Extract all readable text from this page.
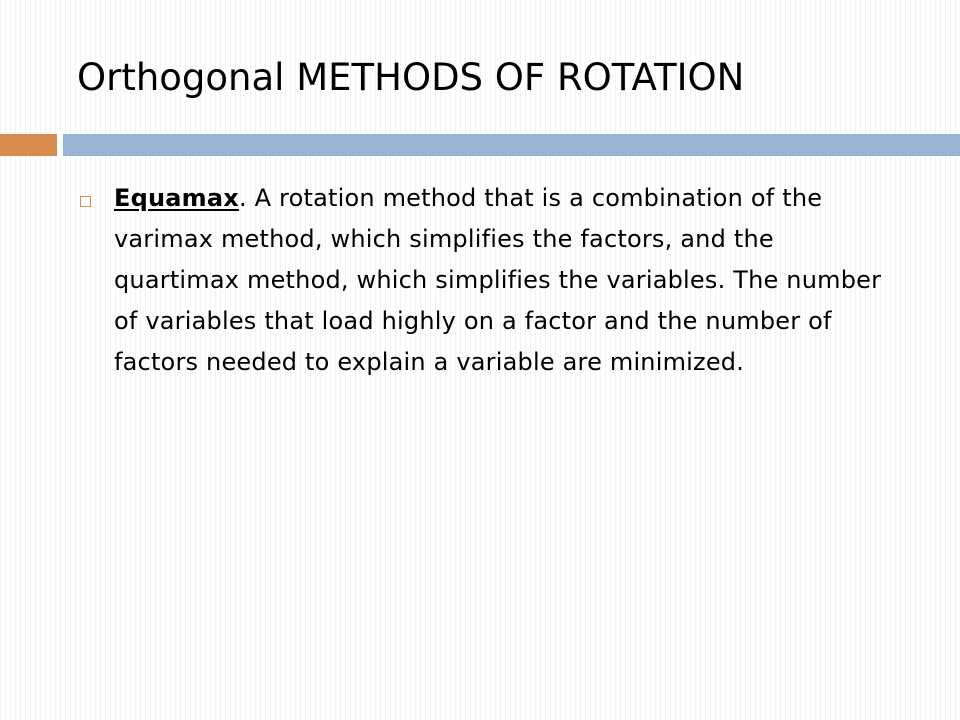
Orthogonal METHODS OF ROTATION

Equamax. A rotation method that is a combination of the varimax method, which simplifies the factors, and the quartimax method, which simplifies the variables. The number of variables that load highly on a factor and the number of factors needed to explain a variable are minimized.
